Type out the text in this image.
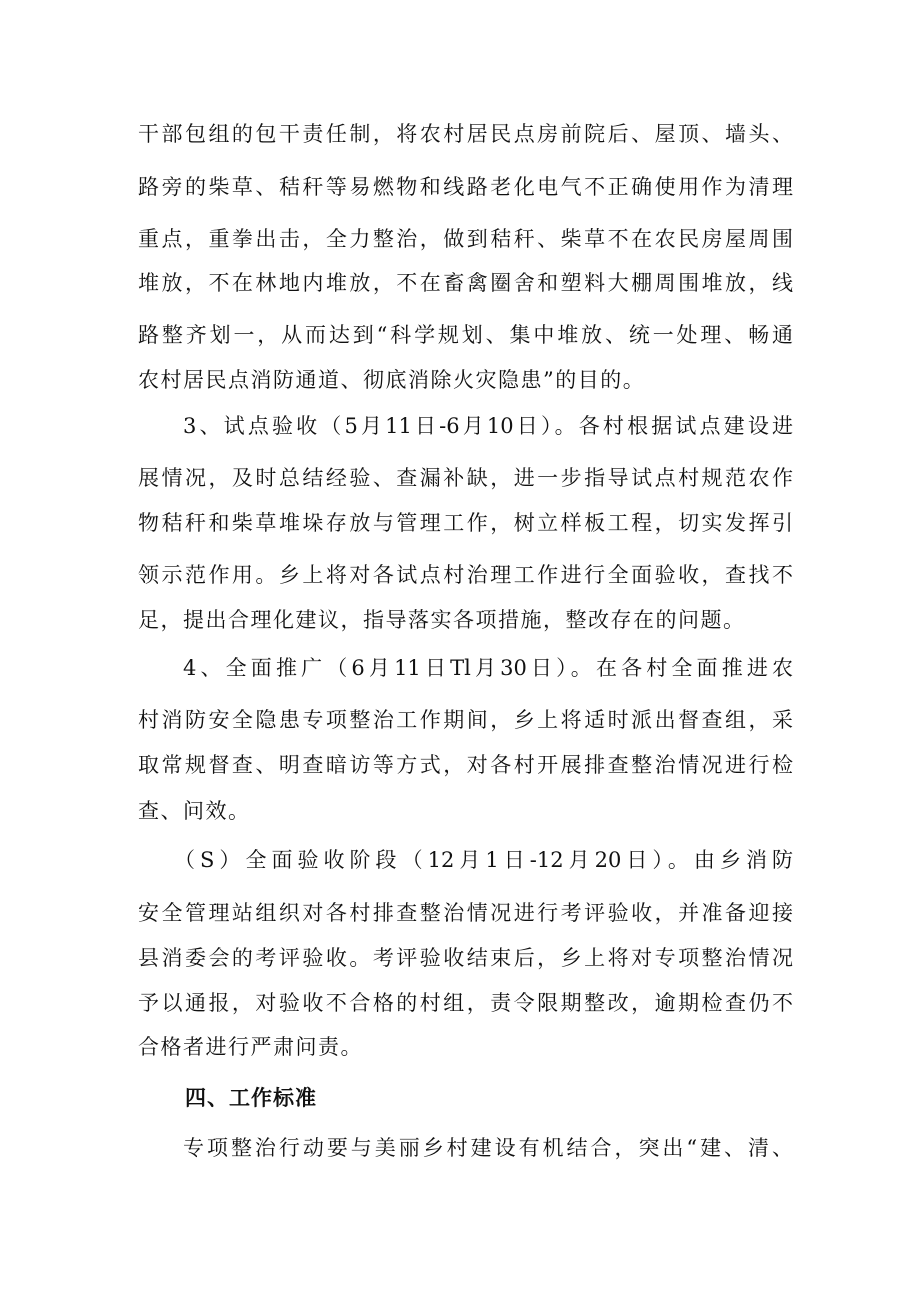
干部包组的包干责任制，将农村居民点房前院后、屋顶、墙头、
路旁的柴草、秸秆等易燃物和线路老化电气不正确使用作为清理
重点，重拳出击，全力整治，做到秸秆、柴草不在农民房屋周围
堆放，不在林地内堆放，不在畜禽圈舍和塑料大棚周围堆放，线
路整齐划一，从而达到“科学规划、集中堆放、统一处理、畅通
农村居民点消防通道、彻底消除火灾隐患”的目的。
3、试点验收（5月11日-6月10日）。各村根据试点建设进
展情况，及时总结经验、查漏补缺，进一步指导试点村规范农作
物秸秆和柴草堆垛存放与管理工作，树立样板工程，切实发挥引
领示范作用。乡上将对各试点村治理工作进行全面验收，查找不
足，提出合理化建议，指导落实各项措施，整改存在的问题。
4、全面推广（6月11日Tl月30日）。在各村全面推进农
村消防安全隐患专项整治工作期间，乡上将适时派出督查组，采
取常规督查、明查暗访等方式，对各村开展排查整治情况进行检
查、问效。
（S）全面验收阶段（12月1日-12月20日）。由乡消防
安全管理站组织对各村排查整治情况进行考评验收，并准备迎接
县消委会的考评验收。考评验收结束后，乡上将对专项整治情况
予以通报，对验收不合格的村组，责令限期整改，逾期检查仍不
合格者进行严肃问责。
四、工作标准
专项整治行动要与美丽乡村建设有机结合，突出“建、清、
